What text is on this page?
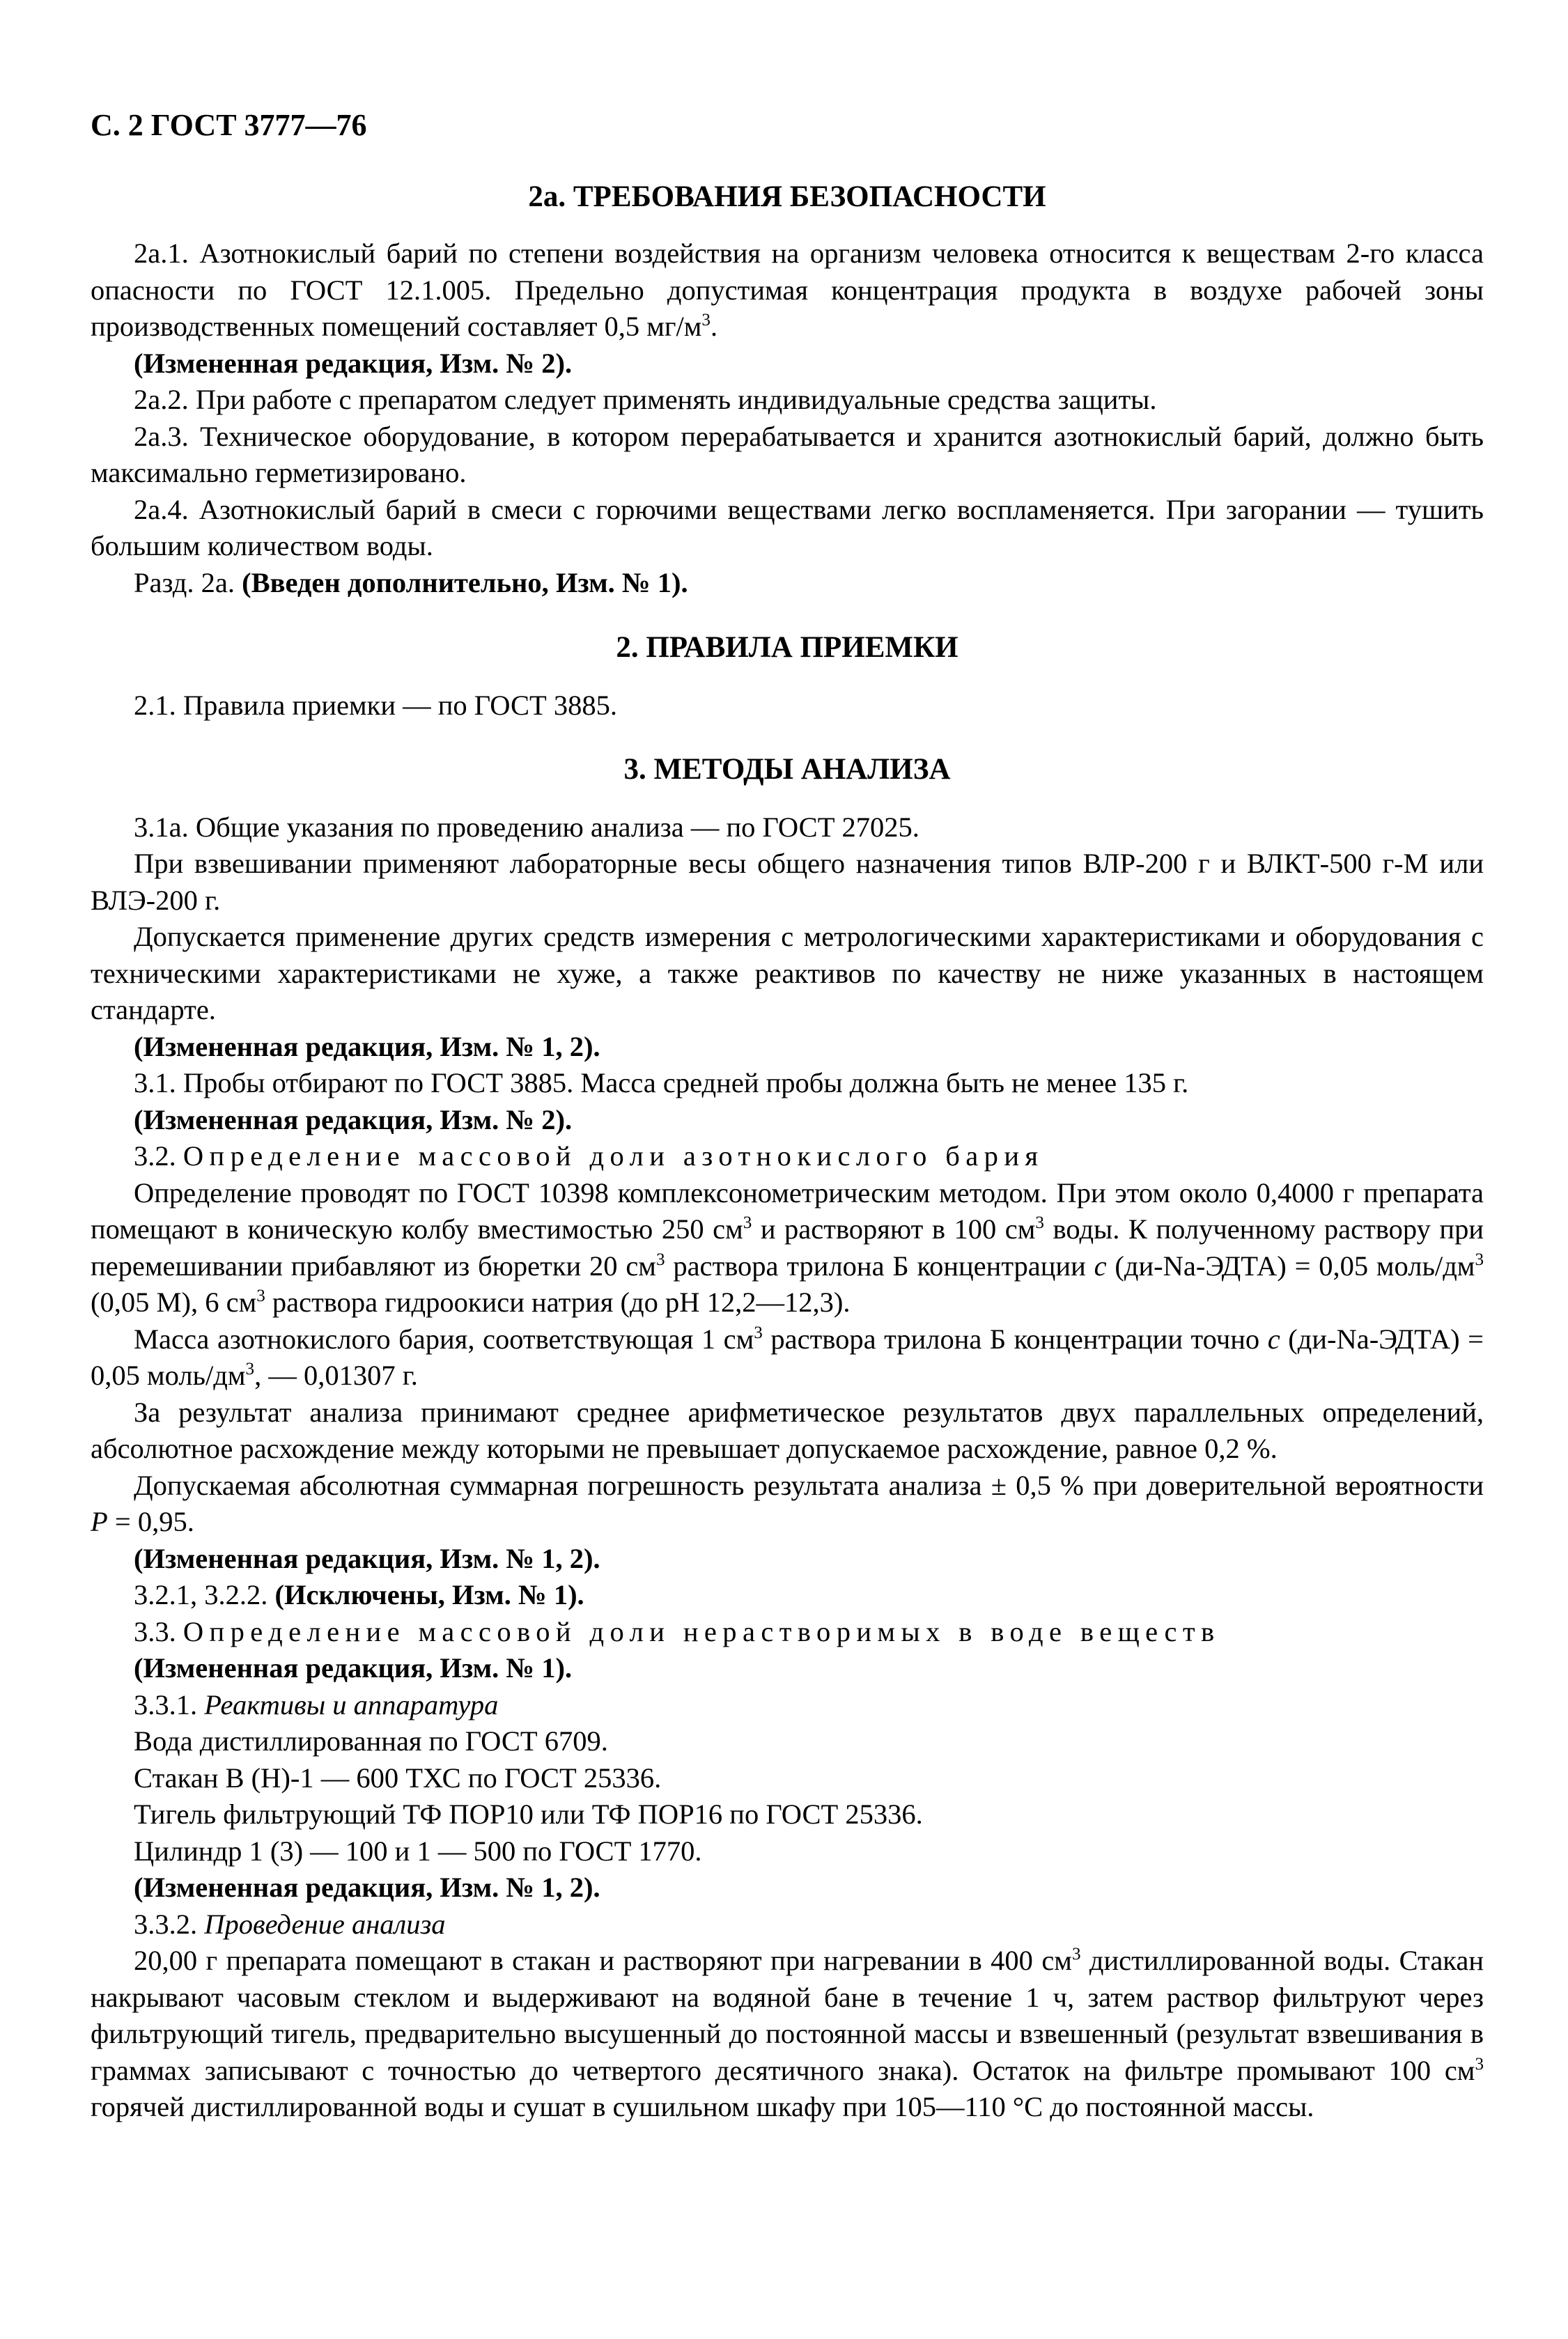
С. 2 ГОСТ 3777—76
2а. ТРЕБОВАНИЯ БЕЗОПАСНОСТИ

2а.1. Азотнокислый барий по степени воздействия на организм человека относится к веществам 2-го класса опасности по ГОСТ 12.1.005. Предельно допустимая концентрация продукта в воздухе рабочей зоны производственных помещений составляет 0,5 $мг/м^3$.

(Измененная редакция, Изм. № 2).

2а.2. При работе с препаратом следует применять индивидуальные средства защиты.

2а.3. Техническое оборудование, в котором перерабатывается и хранится азотнокислый барий, должно быть максимально герметизировано.

2а.4. Азотнокислый барий в смеси с горючими веществами легко воспламеняется. При загорании — тушить большим количеством воды.

Разд. 2а. (Введен дополнительно, Изм. № 1).

2. ПРАВИЛА ПРИЕМКИ

2.1. Правила приемки — по ГОСТ 3885.

3. МЕТОДЫ АНАЛИЗА

3.1а. Общие указания по проведению анализа — по ГОСТ 27025.

При взвешивании применяют лабораторные весы общего назначения типов ВЛР-200 г и ВЛКТ-500 г-М или ВЛЭ-200 г.

Допускается применение других средств измерения с метрологическими характеристиками и оборудования с техническими характеристиками не хуже, а также реактивов по качеству не ниже указанных в настоящем стандарте.

(Измененная редакция, Изм. № 1, 2).

3.1. Пробы отбирают по ГОСТ 3885. Масса средней пробы должна быть не менее 135 г.

(Измененная редакция, Изм. № 2).

3.2. Определение массовой доли азотнокислого бария

Определение проводят по ГОСТ 10398 комплексонометрическим методом. При этом около 0,4000 г препарата помещают в коническую колбу вместимостью 250 $см^3$ и растворяют в 100 $см^3$ воды. К полученному раствору при перемешивании прибавляют из бюретки 20 $см^3$ раствора трилона Б концентрации с (ди-Na-ЭДТА) = 0,05 моль/$дм^3$ (0,05 М), 6 $см^3$ раствора гидроокиси натрия (до рН 12,2—12,3).

Масса азотнокислого бария, соответствующая 1 $см^3$ раствора трилона Б концентрации точно с (ди-Na-ЭДТА) = 0,05 моль/$дм^3$, — 0,01307 г.

За результат анализа принимают среднее арифметическое результатов двух параллельных определений, абсолютное расхождение между которыми не превышает допускаемое расхождение, равное 0,2 %.

Допускаемая абсолютная суммарная погрешность результата анализа ± 0,5 % при доверительной вероятности Р = 0,95.

(Измененная редакция, Изм. № 1, 2).

3.2.1, 3.2.2. (Исключены, Изм. № 1).

3.3. Определение массовой доли нерастворимых в воде веществ

(Измененная редакция, Изм. № 1).

3.3.1. Реактивы и аппаратура

Вода дистиллированная по ГОСТ 6709.

Стакан В (Н)-1 — 600 ТХС по ГОСТ 25336.

Тигель фильтрующий ТФ ПОР10 или ТФ ПОР16 по ГОСТ 25336.

Цилиндр 1 (3) — 100 и 1 — 500 по ГОСТ 1770.

(Измененная редакция, Изм. № 1, 2).

3.3.2. Проведение анализа

20,00 г препарата помещают в стакан и растворяют при нагревании в 400 $см^3$ дистиллированной воды. Стакан накрывают часовым стеклом и выдерживают на водяной бане в течение 1 ч, затем раствор фильтруют через фильтрующий тигель, предварительно высушенный до постоянной массы и взвешенный (результат взвешивания в граммах записывают с точностью до четвертого десятичного знака). Остаток на фильтре промывают 100 $см^3$ горячей дистиллированной воды и сушат в сушильном шкафу при 105—110 °С до постоянной массы.
